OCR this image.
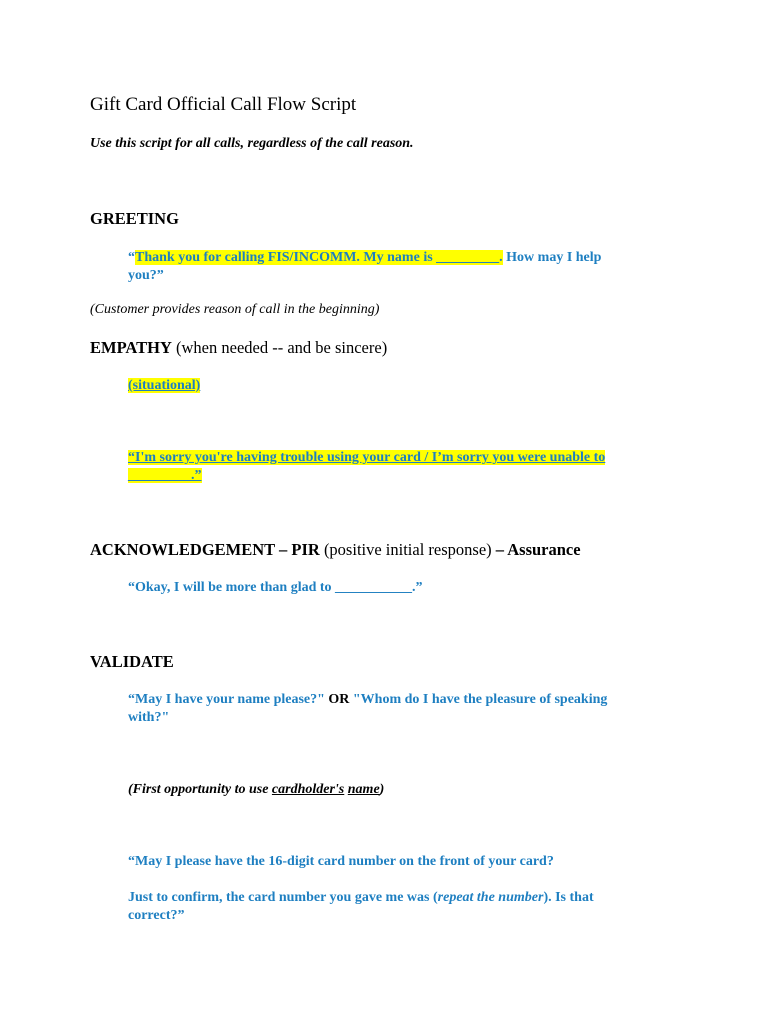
Gift Card Official Call Flow Script
Use this script for all calls, regardless of the call reason.
GREETING
“Thank you for calling FIS/INCOMM. My name is _________. How may I help
you?”
(Customer provides reason of call in the beginning)
EMPATHY (when needed -- and be sincere)
(situational)
“I'm sorry you're having trouble using your card / I’m sorry you were unable to
_________.”
ACKNOWLEDGEMENT – PIR (positive initial response) – Assurance
“Okay, I will be more than glad to ___________.”
VALIDATE
“May I have your name please?" OR "Whom do I have the pleasure of speaking
with?"
(First opportunity to use cardholder's name)
“May I please have the 16-digit card number on the front of your card?
Just to confirm, the card number you gave me was (repeat the number). Is that
correct?”
